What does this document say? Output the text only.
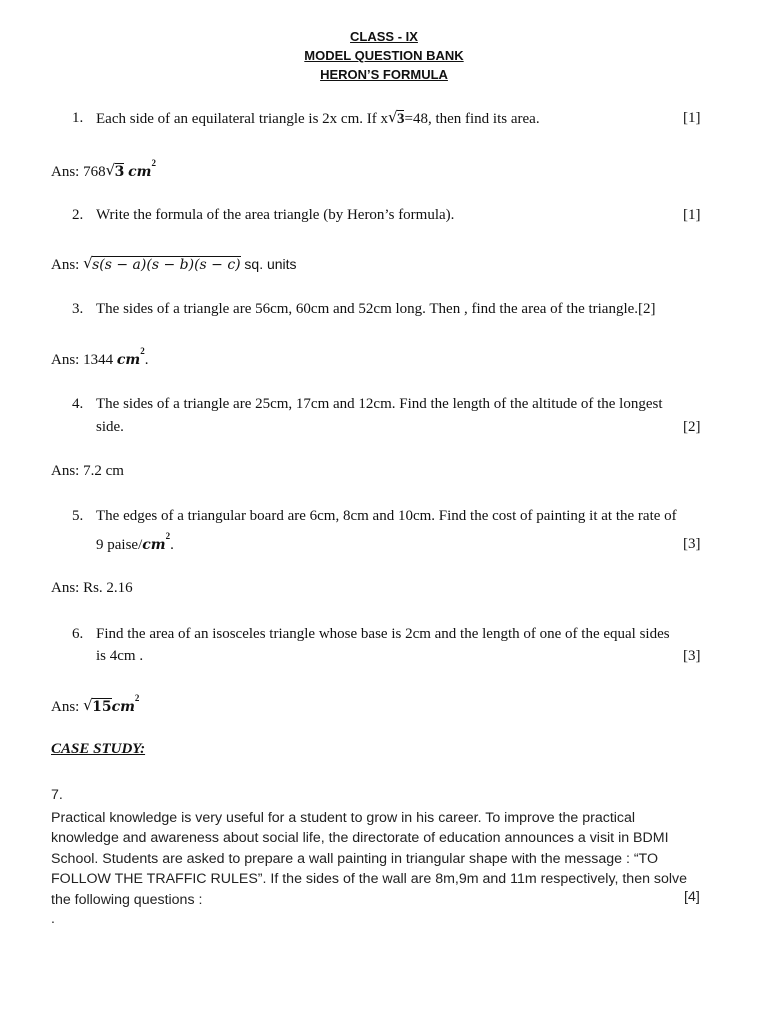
CLASS - IX
MODEL QUESTION BANK
HERON’S FORMULA
1. Each side of an equilateral triangle is 2x cm. If x √ 3=48, then find its area.	[1]
Ans: 768 √ 3 $cm^2$
2. Write the formula of the area triangle (by Heron’s formula).	[1]
Ans: √ s(s − a)(s − b)(s − c) sq. units
3. The sides of a triangle are 56cm, 60cm and 52cm long. Then , find the area of the triangle.[2]
Ans: 1344 $cm^2$.
4. The sides of a triangle are 25cm, 17cm and 12cm. Find the length of the altitude of the longest
side.	[2]
Ans: 7.2 cm
5. The edges of a triangular board are 6cm, 8cm and 10cm. Find the cost of painting it at the rate of
9 paise/$cm^2$.	[3]
Ans: Rs. 2.16
6. Find the area of an isosceles triangle whose base is 2cm and the length of one of the equal sides
is 4cm .	[3]
Ans: √ $15cm^2$
CASE STUDY:
7.
Practical knowledge is very useful for a student to grow in his career. To improve the practical
knowledge and awareness about social life, the directorate of education announces a visit in BDMI
School. Students are asked to prepare a wall painting in triangular shape with the message : “TO
FOLLOW THE TRAFFIC RULES”. If the sides of the wall are 8m,9m and 11m respectively, then solve
the following questions :	[4]
.
